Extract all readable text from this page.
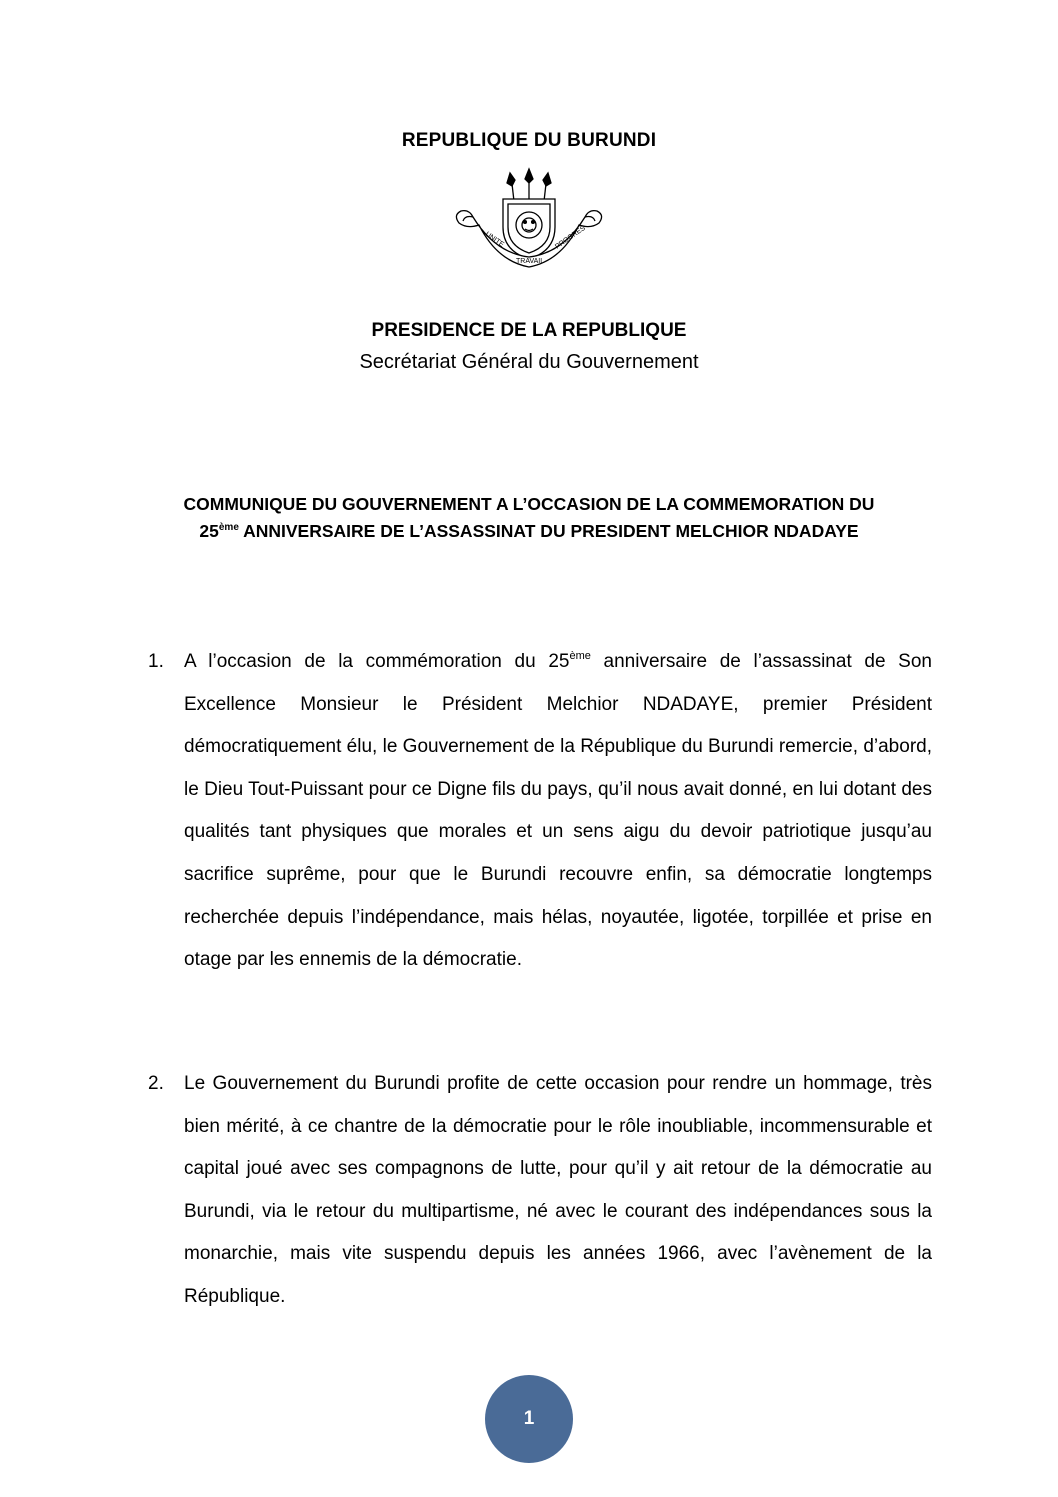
REPUBLIQUE DU BURUNDI
UNITE
TRAVAIL
PROGRES
PRESIDENCE DE LA REPUBLIQUE
Secrétariat Général du Gouvernement
COMMUNIQUE DU GOUVERNEMENT A L’OCCASION DE LA COMMEMORATION DU
25ème ANNIVERSAIRE DE L’ASSASSINAT DU PRESIDENT MELCHIOR NDADAYE
1.	A l’occasion de la commémoration du 25ème anniversaire de l’assassinat de Son Excellence Monsieur le Président Melchior NDADAYE, premier Président démocratiquement élu, le Gouvernement de la République du Burundi remercie, d’abord, le Dieu Tout-Puissant pour ce Digne fils du pays, qu’il nous avait donné, en lui dotant des qualités tant physiques que morales et un sens aigu du devoir patriotique jusqu’au sacrifice suprême, pour que le Burundi recouvre enfin, sa démocratie longtemps recherchée depuis l’indépendance, mais hélas, noyautée, ligotée, torpillée et prise en otage par les ennemis de la démocratie.
2.	Le Gouvernement du Burundi profite de cette occasion pour rendre un hommage, très bien mérité, à ce chantre de la démocratie pour le rôle inoubliable, incommensurable et capital joué avec ses compagnons de lutte, pour qu’il y ait retour de la démocratie au Burundi, via le retour du multipartisme, né avec le courant des indépendances sous la monarchie, mais vite suspendu depuis les années 1966, avec l’avènement de la République.
1
